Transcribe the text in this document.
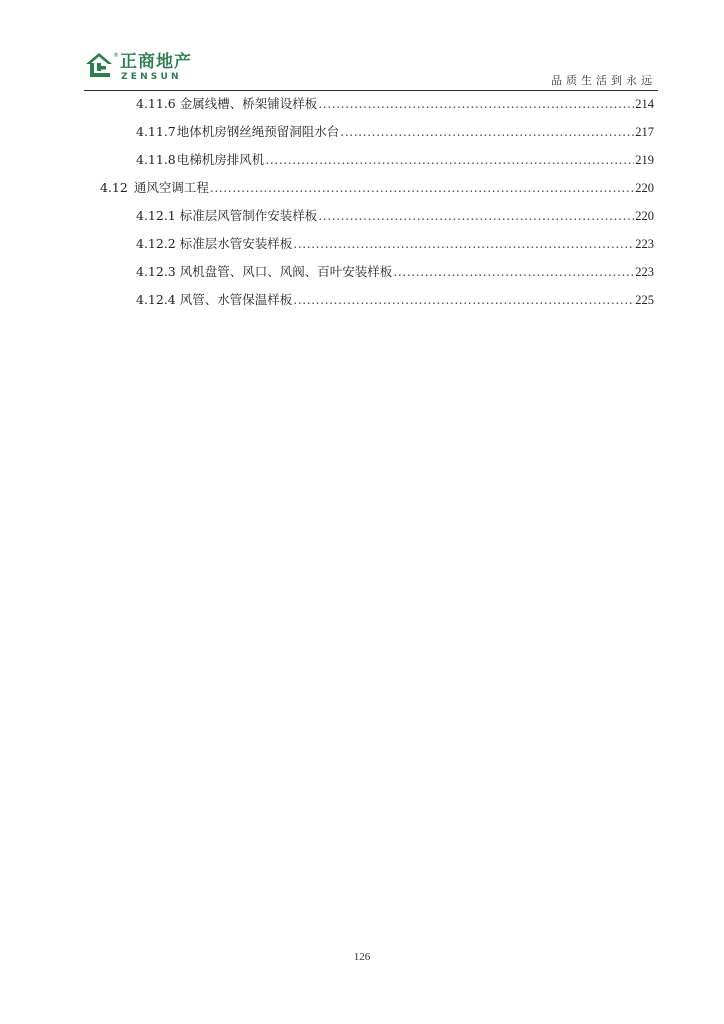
® 正商地产
ZENSUN	品质生活到永远
4.11.6 金属线槽、桥架铺设样板 .....	214
4.11.7地体机房钢丝绳预留洞阻水台 .....	217
4.11.8电梯机房排风机 .....	219
4.12 通风空调工程 .....	220
4.12.1 标准层风管制作安装样板 .....	220
4.12.2 标准层水管安装样板 .....	223
4.12.3 风机盘管、风口、风阀、百叶安装样板 .....	223
4.12.4 风管、水管保温样板 .....	225
126
